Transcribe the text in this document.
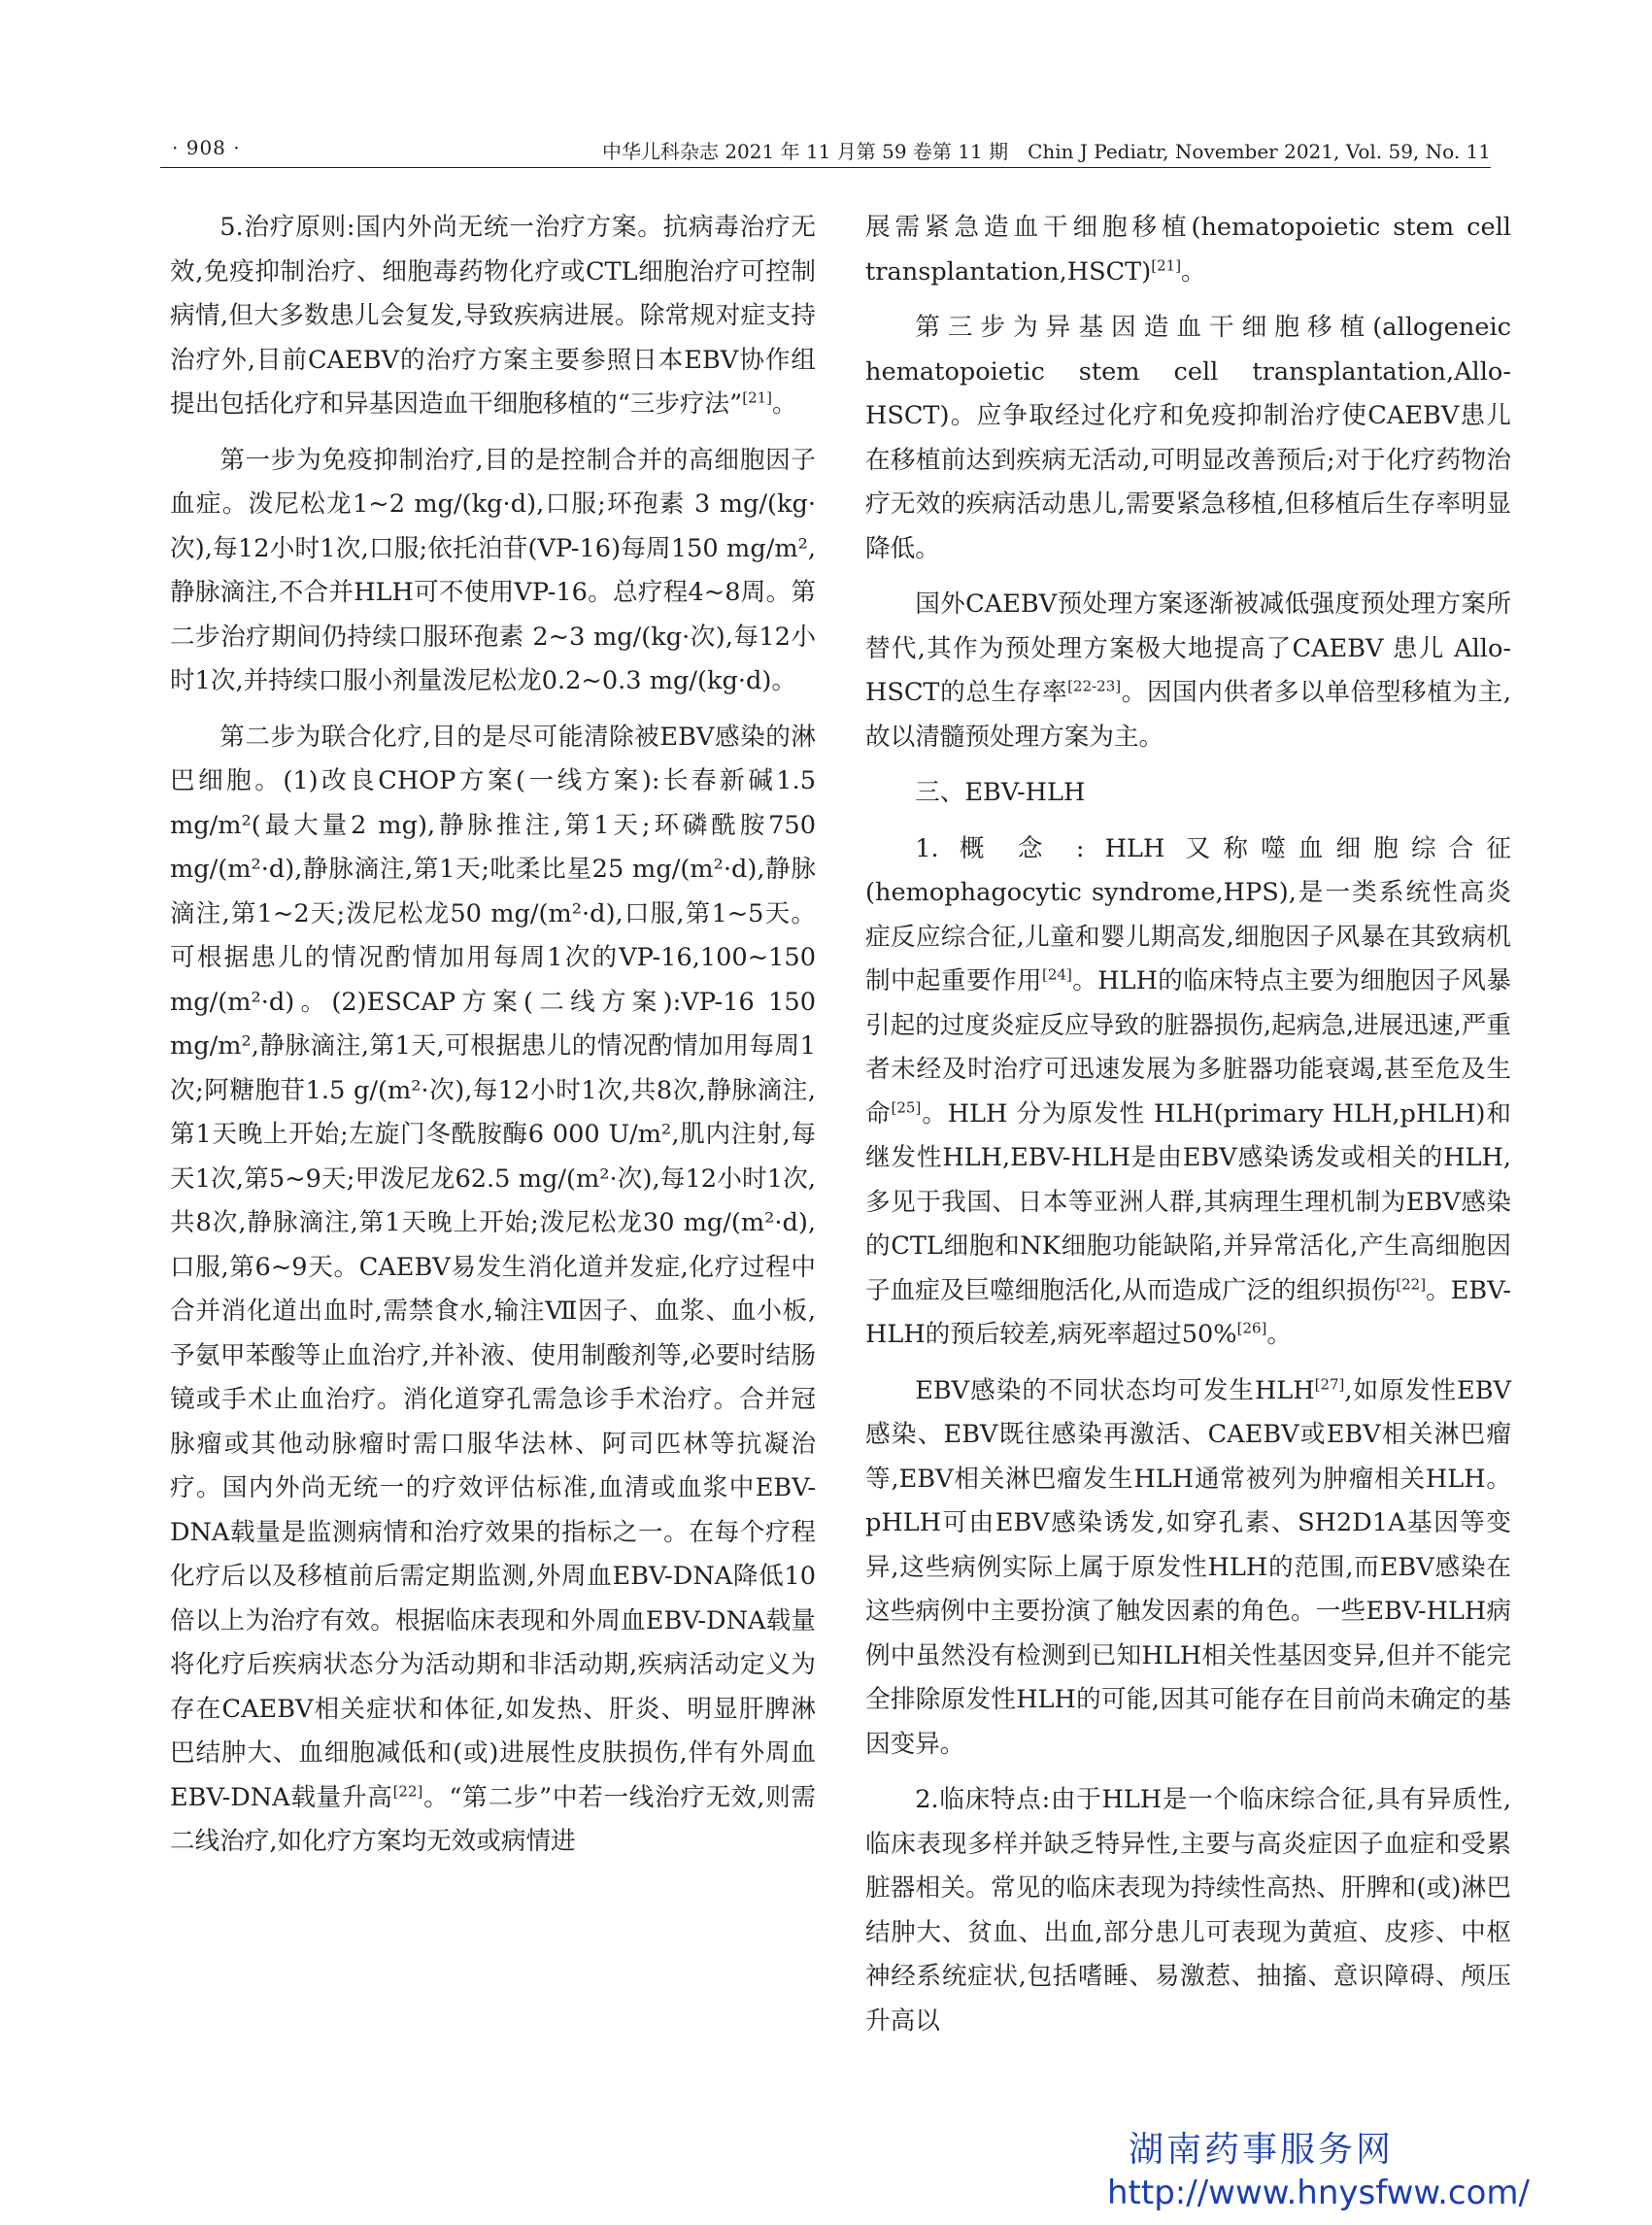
· 908 ·	中华儿科杂志 2021 年 11 月第 59 卷第 11 期　Chin J Pediatr, November 2021, Vol. 59, No. 11

5.治疗原则:国内外尚无统一治疗方案。抗病毒治疗无效,免疫抑制治疗、细胞毒药物化疗或CTL细胞治疗可控制病情,但大多数患儿会复发,导致疾病进展。除常规对症支持治疗外,目前CAEBV的治疗方案主要参照日本EBV协作组提出包括化疗和异基因造血干细胞移植的“三步疗法”[21]。

第一步为免疫抑制治疗,目的是控制合并的高细胞因子血症。泼尼松龙1~2 mg/(kg·d),口服;环孢素 3 mg/(kg·次),每12小时1次,口服;依托泊苷(VP-16)每周150 mg/m²,静脉滴注,不合并HLH可不使用VP-16。总疗程4~8周。第二步治疗期间仍持续口服环孢素 2~3 mg/(kg·次),每12小时1次,并持续口服小剂量泼尼松龙0.2~0.3 mg/(kg·d)。

第二步为联合化疗,目的是尽可能清除被EBV感染的淋巴细胞。(1)改良CHOP方案(一线方案):长春新碱1.5 mg/m²(最大量2 mg),静脉推注,第1天;环磷酰胺750 mg/(m²·d),静脉滴注,第1天;吡柔比星25 mg/(m²·d),静脉滴注,第1~2天;泼尼松龙50 mg/(m²·d),口服,第1~5天。可根据患儿的情况酌情加用每周1次的VP-16,100~150 mg/(m²·d)。(2)ESCAP方案(二线方案):VP-16 150 mg/m²,静脉滴注,第1天,可根据患儿的情况酌情加用每周1次;阿糖胞苷1.5 g/(m²·次),每12小时1次,共8次,静脉滴注,第1天晚上开始;左旋门冬酰胺酶6 000 U/m²,肌内注射,每天1次,第5~9天;甲泼尼龙62.5 mg/(m²·次),每12小时1次,共8次,静脉滴注,第1天晚上开始;泼尼松龙30 mg/(m²·d),口服,第6~9天。CAEBV易发生消化道并发症,化疗过程中合并消化道出血时,需禁食水,输注Ⅶ因子、血浆、血小板,予氨甲苯酸等止血治疗,并补液、使用制酸剂等,必要时结肠镜或手术止血治疗。消化道穿孔需急诊手术治疗。合并冠脉瘤或其他动脉瘤时需口服华法林、阿司匹林等抗凝治疗。国内外尚无统一的疗效评估标准,血清或血浆中EBV-DNA载量是监测病情和治疗效果的指标之一。在每个疗程化疗后以及移植前后需定期监测,外周血EBV-DNA降低10倍以上为治疗有效。根据临床表现和外周血EBV-DNA载量将化疗后疾病状态分为活动期和非活动期,疾病活动定义为存在CAEBV相关症状和体征,如发热、肝炎、明显肝脾淋巴结肿大、血细胞减低和(或)进展性皮肤损伤,伴有外周血EBV-DNA载量升高[22]。“第二步”中若一线治疗无效,则需二线治疗,如化疗方案均无效或病情进

展需紧急造血干细胞移植(hematopoietic stem cell transplantation,HSCT)[21]。

第三步为异基因造血干细胞移植(allogeneic hematopoietic stem cell transplantation,Allo-HSCT)。应争取经过化疗和免疫抑制治疗使CAEBV患儿在移植前达到疾病无活动,可明显改善预后;对于化疗药物治疗无效的疾病活动患儿,需要紧急移植,但移植后生存率明显降低。

国外CAEBV预处理方案逐渐被减低强度预处理方案所替代,其作为预处理方案极大地提高了CAEBV 患儿 Allo-HSCT的总生存率[22-23]。因国内供者多以单倍型移植为主,故以清髓预处理方案为主。

三、EBV-HLH

1. 概 念 : HLH 又称噬血细胞综合征(hemophagocytic syndrome,HPS),是一类系统性高炎症反应综合征,儿童和婴儿期高发,细胞因子风暴在其致病机制中起重要作用[24]。HLH的临床特点主要为细胞因子风暴引起的过度炎症反应导致的脏器损伤,起病急,进展迅速,严重者未经及时治疗可迅速发展为多脏器功能衰竭,甚至危及生命[25]。HLH 分为原发性 HLH(primary HLH,pHLH)和继发性HLH,EBV-HLH是由EBV感染诱发或相关的HLH,多见于我国、日本等亚洲人群,其病理生理机制为EBV感染的CTL细胞和NK细胞功能缺陷,并异常活化,产生高细胞因子血症及巨噬细胞活化,从而造成广泛的组织损伤[22]。EBV-HLH的预后较差,病死率超过50%[26]。

EBV感染的不同状态均可发生HLH[27],如原发性EBV感染、EBV既往感染再激活、CAEBV或EBV相关淋巴瘤等,EBV相关淋巴瘤发生HLH通常被列为肿瘤相关HLH。pHLH可由EBV感染诱发,如穿孔素、SH2D1A基因等变异,这些病例实际上属于原发性HLH的范围,而EBV感染在这些病例中主要扮演了触发因素的角色。一些EBV-HLH病例中虽然没有检测到已知HLH相关性基因变异,但并不能完全排除原发性HLH的可能,因其可能存在目前尚未确定的基因变异。

2.临床特点:由于HLH是一个临床综合征,具有异质性,临床表现多样并缺乏特异性,主要与高炎症因子血症和受累脏器相关。常见的临床表现为持续性高热、肝脾和(或)淋巴结肿大、贫血、出血,部分患儿可表现为黄疸、皮疹、中枢神经系统症状,包括嗜睡、易激惹、抽搐、意识障碍、颅压升高以

湖南药事服务网
http://www.hnysfww.com/
